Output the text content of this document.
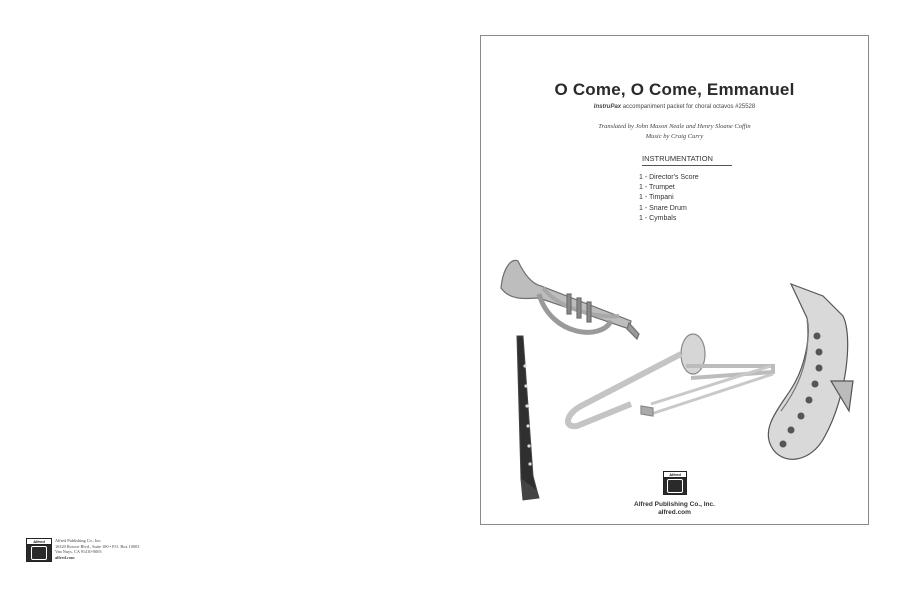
O Come, O Come, Emmanuel
InstruPax accompaniment packet for choral octavos #25528
Translated by John Mason Neale and Henry Sloane Coffin
Music by Craig Curry
INSTRUMENTATION
1 - Director's Score
1 - Trumpet
1 - Timpani
1 - Snare Drum
1 - Cymbals
Alfred
Alfred Publishing Co., Inc.
alfred.com
Alfred	Alfred Publishing Co., Inc.
16320 Roscoe Blvd., Suite 100 • P.O. Box 10003
Van Nuys, CA 91410-0003
alfred.com
